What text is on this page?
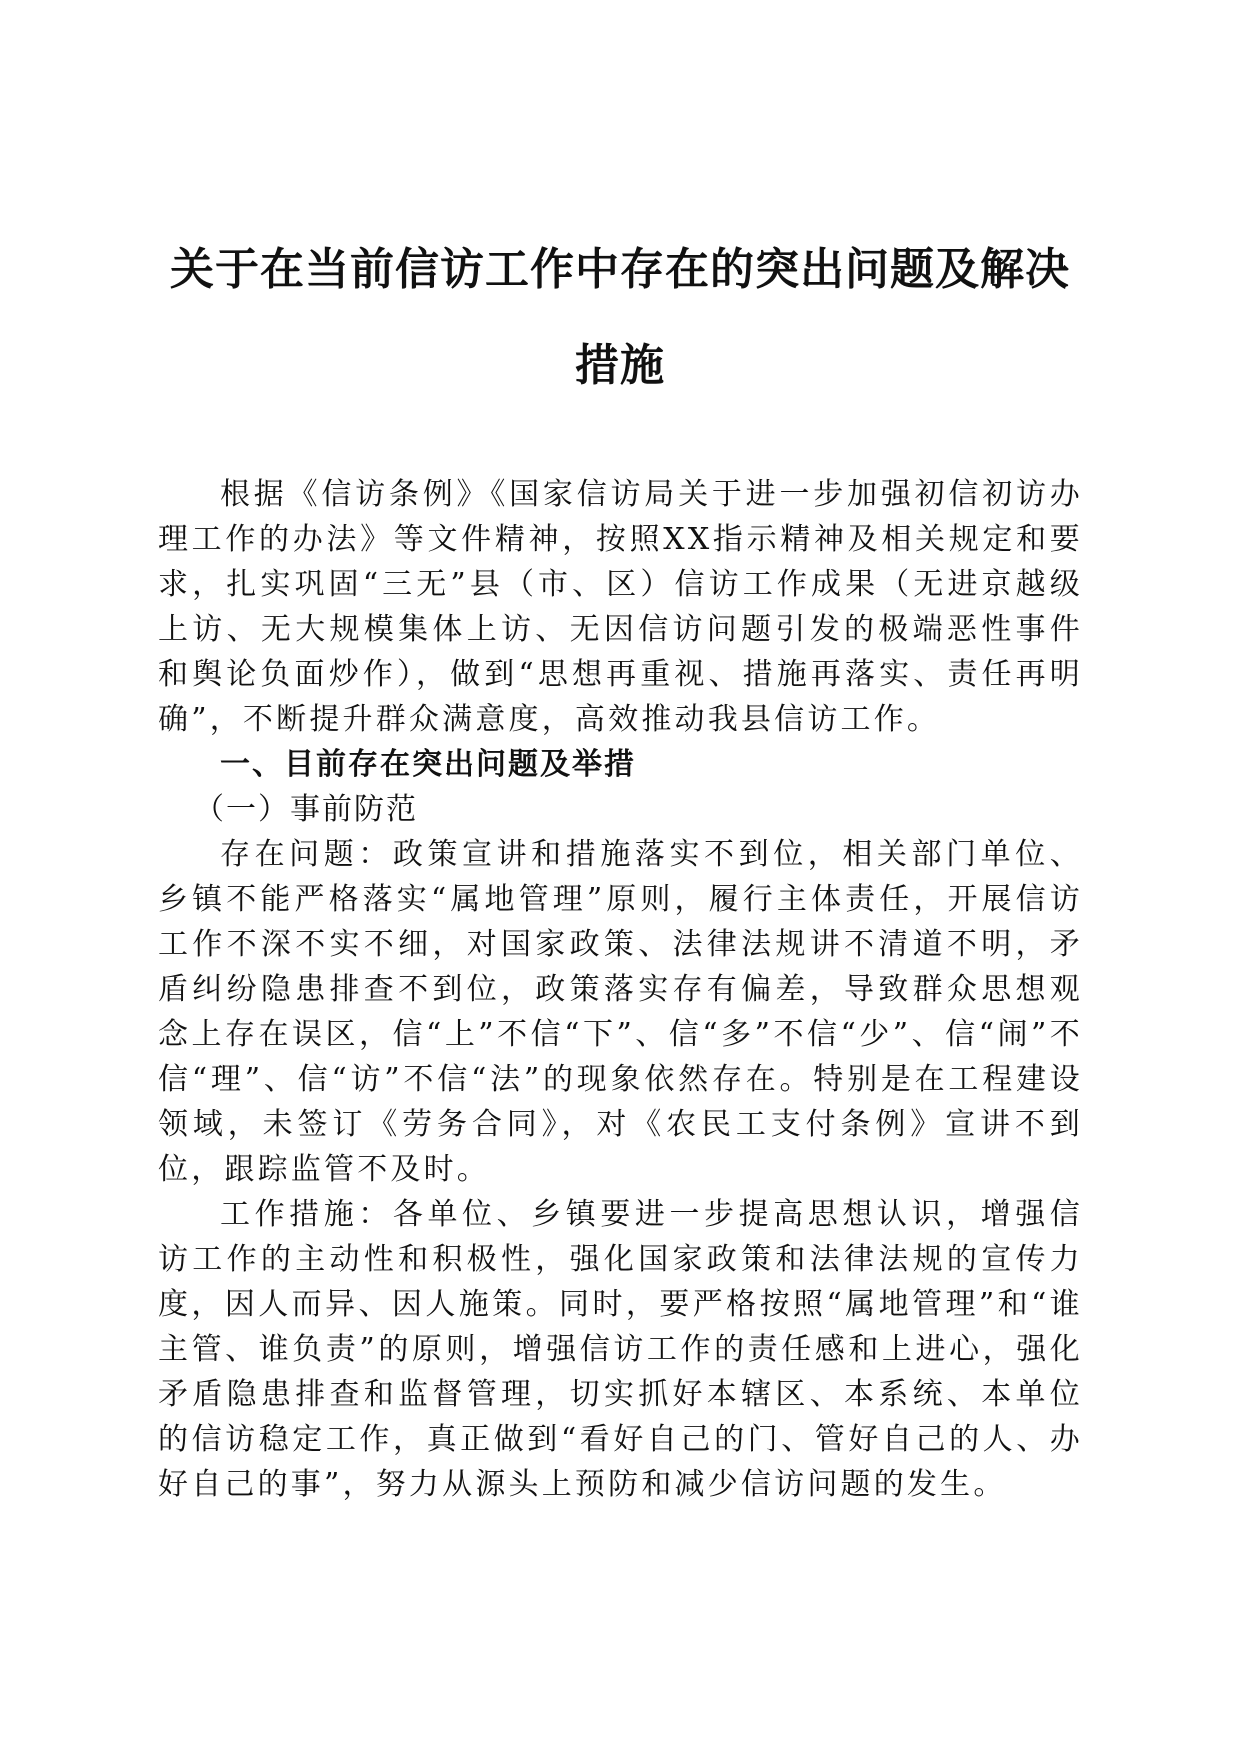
关于在当前信访工作中存在的突出问题及解决
措施

根据《信访条例》《国家信访局关于进一步加强初信初访办理工作的办法》等文件精神，按照XX指示精神及相关规定和要求，扎实巩固“三无”县（市、区）信访工作成果（无进京越级上访、无大规模集体上访、无因信访问题引发的极端恶性事件和舆论负面炒作），做到“思想再重视、措施再落实、责任再明确”，不断提升群众满意度，高效推动我县信访工作。

一、目前存在突出问题及举措

（一）事前防范

存在问题：政策宣讲和措施落实不到位，相关部门单位、乡镇不能严格落实“属地管理”原则，履行主体责任，开展信访工作不深不实不细，对国家政策、法律法规讲不清道不明，矛盾纠纷隐患排查不到位，政策落实存有偏差，导致群众思想观念上存在误区，信“上”不信“下”、信“多”不信“少”、信“闹”不信“理”、信“访”不信“法”的现象依然存在。特别是在工程建设领域，未签订《劳务合同》，对《农民工支付条例》宣讲不到位，跟踪监管不及时。

工作措施：各单位、乡镇要进一步提高思想认识，增强信访工作的主动性和积极性，强化国家政策和法律法规的宣传力度，因人而异、因人施策。同时，要严格按照“属地管理”和“谁主管、谁负责”的原则，增强信访工作的责任感和上进心，强化矛盾隐患排查和监督管理，切实抓好本辖区、本系统、本单位的信访稳定工作，真正做到“看好自己的门、管好自己的人、办好自己的事”，努力从源头上预防和减少信访问题的发生。
